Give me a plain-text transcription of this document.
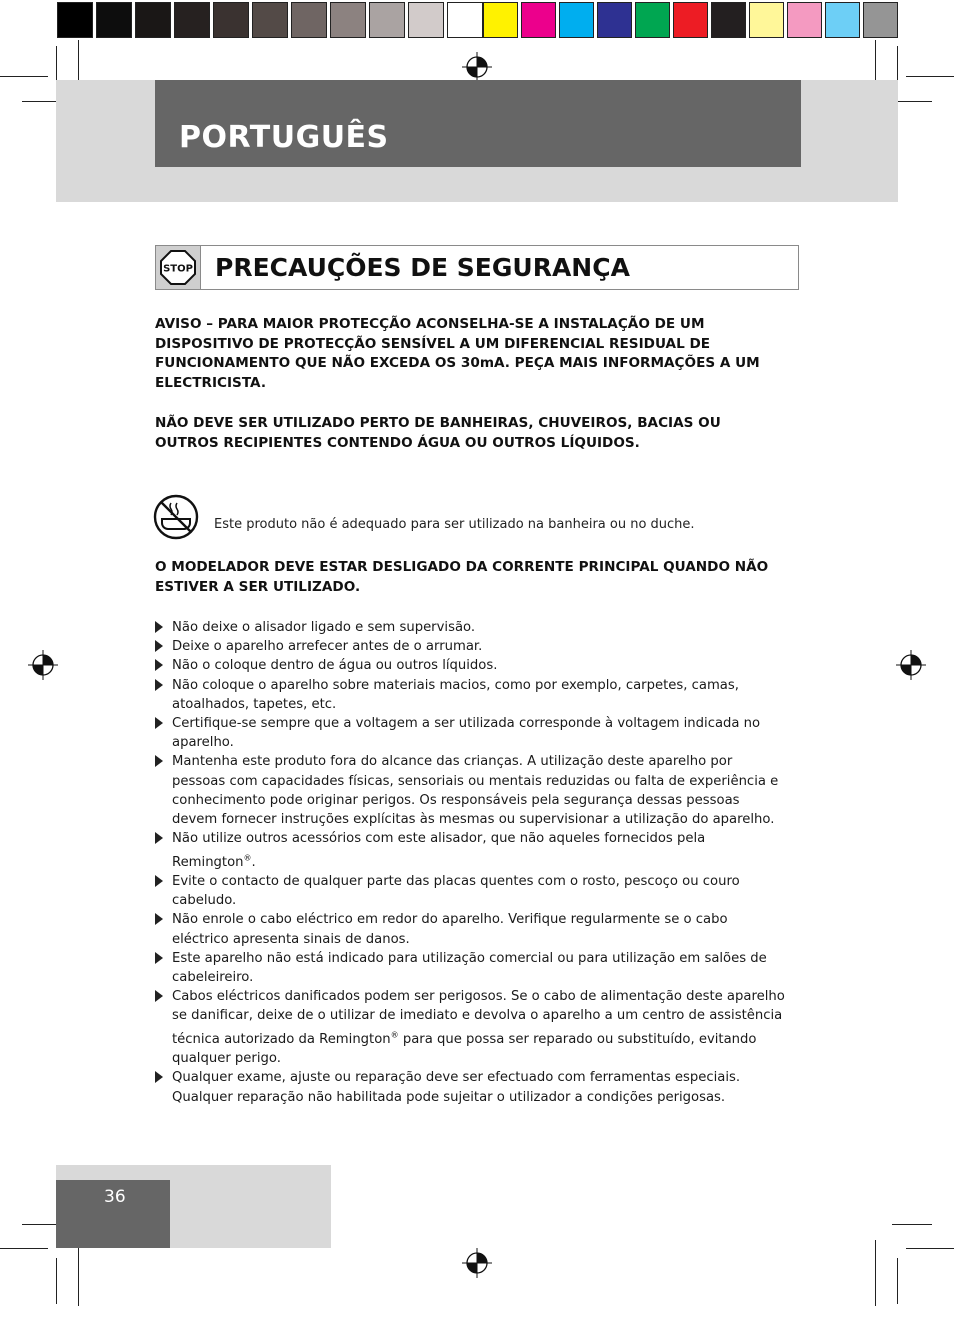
PORTUGUÊS
STOP PRECAUÇÕES DE SEGURANÇA

AVISO – PARA MAIOR PROTECÇÃO ACONSELHA-SE A INSTALAÇÃO DE UM DISPOSITIVO DE PROTECÇÃO SENSÍVEL A UM DIFERENCIAL RESIDUAL DE FUNCIONAMENTO QUE NÃO EXCEDA OS 30mA. PEÇA MAIS INFORMAÇÕES A UM ELECTRICISTA.

NÃO DEVE SER UTILIZADO PERTO DE BANHEIRAS, CHUVEIROS, BACIAS OU OUTROS RECIPIENTES CONTENDO ÁGUA OU OUTROS LÍQUIDOS.

Este produto não é adequado para ser utilizado na banheira ou no duche.

O MODELADOR DEVE ESTAR DESLIGADO DA CORRENTE PRINCIPAL QUANDO NÃO ESTIVER A SER UTILIZADO.

Não deixe o alisador ligado e sem supervisão.
Deixe o aparelho arrefecer antes de o arrumar.
Não o coloque dentro de água ou outros líquidos.
Não coloque o aparelho sobre materiais macios, como por exemplo, carpetes, camas, atoalhados, tapetes, etc.
Certifique-se sempre que a voltagem a ser utilizada corresponde à voltagem indicada no aparelho.
Mantenha este produto fora do alcance das crianças. A utilização deste aparelho por pessoas com capacidades físicas, sensoriais ou mentais reduzidas ou falta de experiência e conhecimento pode originar perigos. Os responsáveis pela segurança dessas pessoas devem fornecer instruções explícitas às mesmas ou supervisionar a utilização do aparelho.
Não utilize outros acessórios com este alisador, que não aqueles fornecidos pela Remington®.
Evite o contacto de qualquer parte das placas quentes com o rosto, pescoço ou couro cabeludo.
Não enrole o cabo eléctrico em redor do aparelho. Verifique regularmente se o cabo eléctrico apresenta sinais de danos.
Este aparelho não está indicado para utilização comercial ou para utilização em salões de cabeleireiro.
Cabos eléctricos danificados podem ser perigosos. Se o cabo de alimentação deste aparelho se danificar, deixe de o utilizar de imediato e devolva o aparelho a um centro de assistência técnica autorizado da Remington® para que possa ser reparado ou substituído, evitando qualquer perigo.
Qualquer exame, ajuste ou reparação deve ser efectuado com ferramentas especiais. Qualquer reparação não habilitada pode sujeitar o utilizador a condições perigosas.

36
